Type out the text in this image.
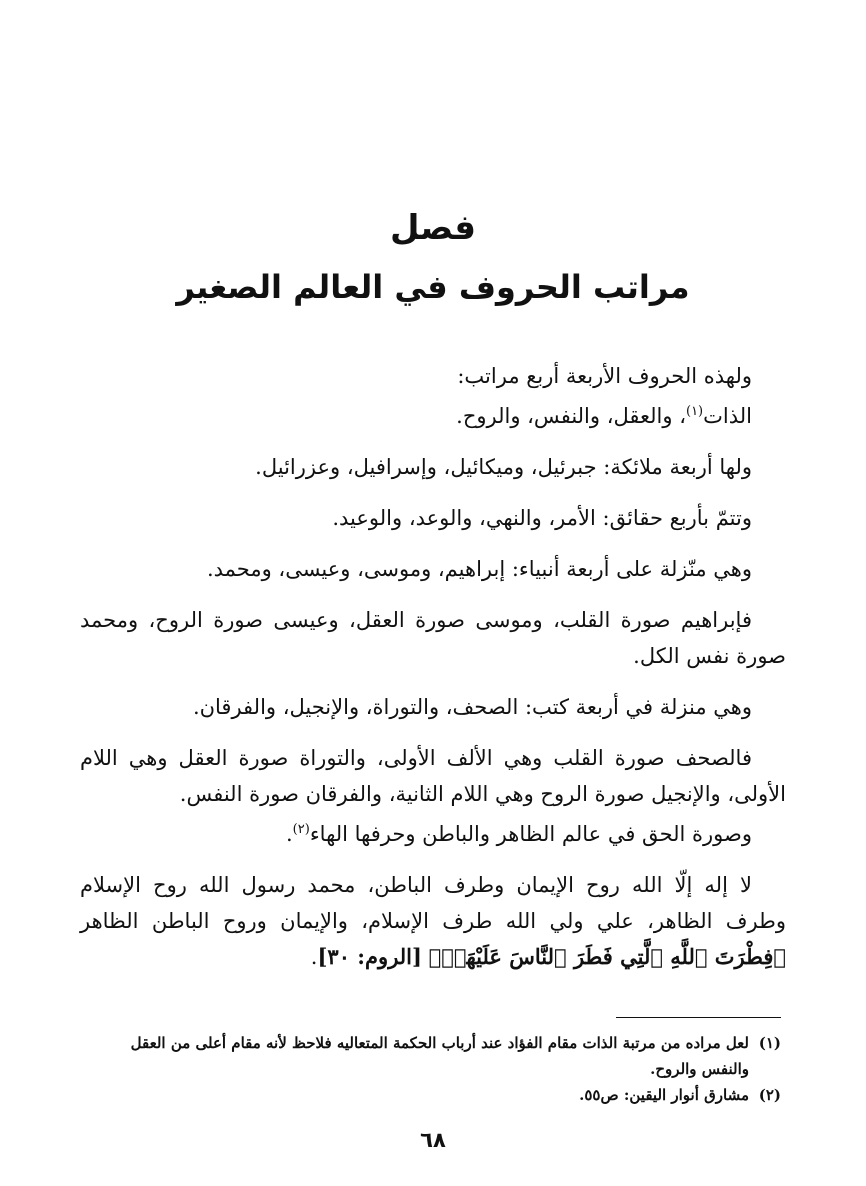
فصل
مراتب الحروف في العالم الصغير

ولهذه الحروف الأربعة أربع مراتب:

الذات$^{(١)}$، والعقل، والنفس، والروح.

ولها أربعة ملائكة: جبرئيل، وميكائيل، وإسرافيل، وعزرائيل.

وتتمّ بأربع حقائق: الأمر، والنهي، والوعد، والوعيد.

وهي منّزلة على أربعة أنبياء: إبراهيم، وموسى، وعيسى، ومحمد.

فإبراهيم صورة القلب، وموسى صورة العقل، وعيسى صورة الروح، ومحمد صورة نفس الكل.

وهي منزلة في أربعة كتب: الصحف، والتوراة، والإنجيل، والفرقان.

فالصحف صورة القلب وهي الألف الأولى، والتوراة صورة العقل وهي اللام الأولى، والإنجيل صورة الروح وهي اللام الثانية، والفرقان صورة النفس.

وصورة الحق في عالم الظاهر والباطن وحرفها الهاء$^{(٢)}$.

لا إله إلّا الله روح الإيمان وطرف الباطن، محمد رسول الله روح الإسلام وطرف الظاهر، علي ولي الله طرف الإسلام، والإيمان وروح الباطن الظاهر ﴿فِطْرَتَ ٱللَّهِ ٱلَّتِي فَطَرَ ٱلنَّاسَ عَلَيْهَاۚ﴾ [الروم: ٣٠].

(١)
لعل مراده من مرتبة الذات مقام الفؤاد عند أرباب الحكمة المتعاليه فلاحظ لأنه مقام أعلى من العقل والنفس والروح.

(٢)
مشارق أنوار اليقين: ص٥٥.

٦٨
